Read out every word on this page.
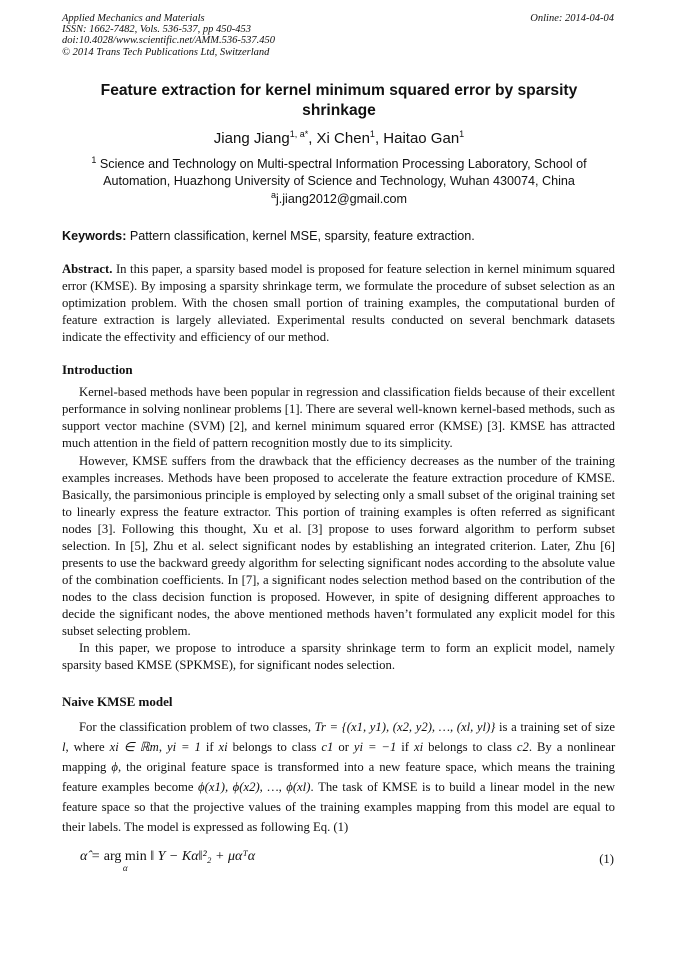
Applied Mechanics and Materials
ISSN: 1662-7482, Vols. 536-537, pp 450-453
doi:10.4028/www.scientific.net/AMM.536-537.450
© 2014 Trans Tech Publications Ltd, Switzerland
Online: 2014-04-04
Feature extraction for kernel minimum squared error by sparsity shrinkage
Jiang Jiang$^{1, a*}$, Xi Chen$^1$, Haitao Gan$^1$
$^1$ Science and Technology on Multi-spectral Information Processing Laboratory, School of Automation, Huazhong University of Science and Technology, Wuhan 430074, China
$^a$j.jiang2012@gmail.com
Keywords: Pattern classification, kernel MSE, sparsity, feature extraction.
Abstract. In this paper, a sparsity based model is proposed for feature selection in kernel minimum squared error (KMSE). By imposing a sparsity shrinkage term, we formulate the procedure of subset selection as an optimization problem. With the chosen small portion of training examples, the computational burden of feature extraction is largely alleviated. Experimental results conducted on several benchmark datasets indicate the effectivity and efficiency of our method.
Introduction
Kernel-based methods have been popular in regression and classification fields because of their excellent performance in solving nonlinear problems [1]. There are several well-known kernel-based methods, such as support vector machine (SVM) [2], and kernel minimum squared error (KMSE) [3]. KMSE has attracted much attention in the field of pattern recognition mostly due to its simplicity.
However, KMSE suffers from the drawback that the efficiency decreases as the number of the training examples increases. Methods have been proposed to accelerate the feature extraction procedure of KMSE. Basically, the parsimonious principle is employed by selecting only a small subset of the original training set to linearly express the feature extractor. This portion of training examples is often referred as significant nodes [3]. Following this thought, Xu et al. [3] propose to uses forward algorithm to perform subset selection. In [5], Zhu et al. select significant nodes by establishing an integrated criterion. Later, Zhu [6] presents to use the backward greedy algorithm for selecting significant nodes according to the absolute value of the combination coefficients. In [7], a significant nodes selection method based on the contribution of the nodes to the class decision function is proposed. However, in spite of designing different approaches to decide the significant nodes, the above mentioned methods haven’t formulated any explicit model for this subset selecting problem.
In this paper, we propose to introduce a sparsity shrinkage term to form an explicit model, namely sparsity based KMSE (SPKMSE), for significant nodes selection.
Naive KMSE model
For the classification problem of two classes, Tr = {(x1, y1), (x2, y2), …, (xl, yl)} is a training set of size l, where xi ∈ ℝm, yi = 1 if xi belongs to class c1 or yi = −1 if xi belongs to class c2. By a nonlinear mapping ϕ, the original feature space is transformed into a new feature space, which means the training feature examples become ϕ(x1), ϕ(x2), …, ϕ(xl). The task of KMSE is to build a linear model in the new feature space so that the projective values of the training examples mapping from this model are equal to their labels. The model is expressed as following Eq. (1)
α̂ = arg min
α
‖ Y − Kα‖²₂ + μαᵀα	(1)
